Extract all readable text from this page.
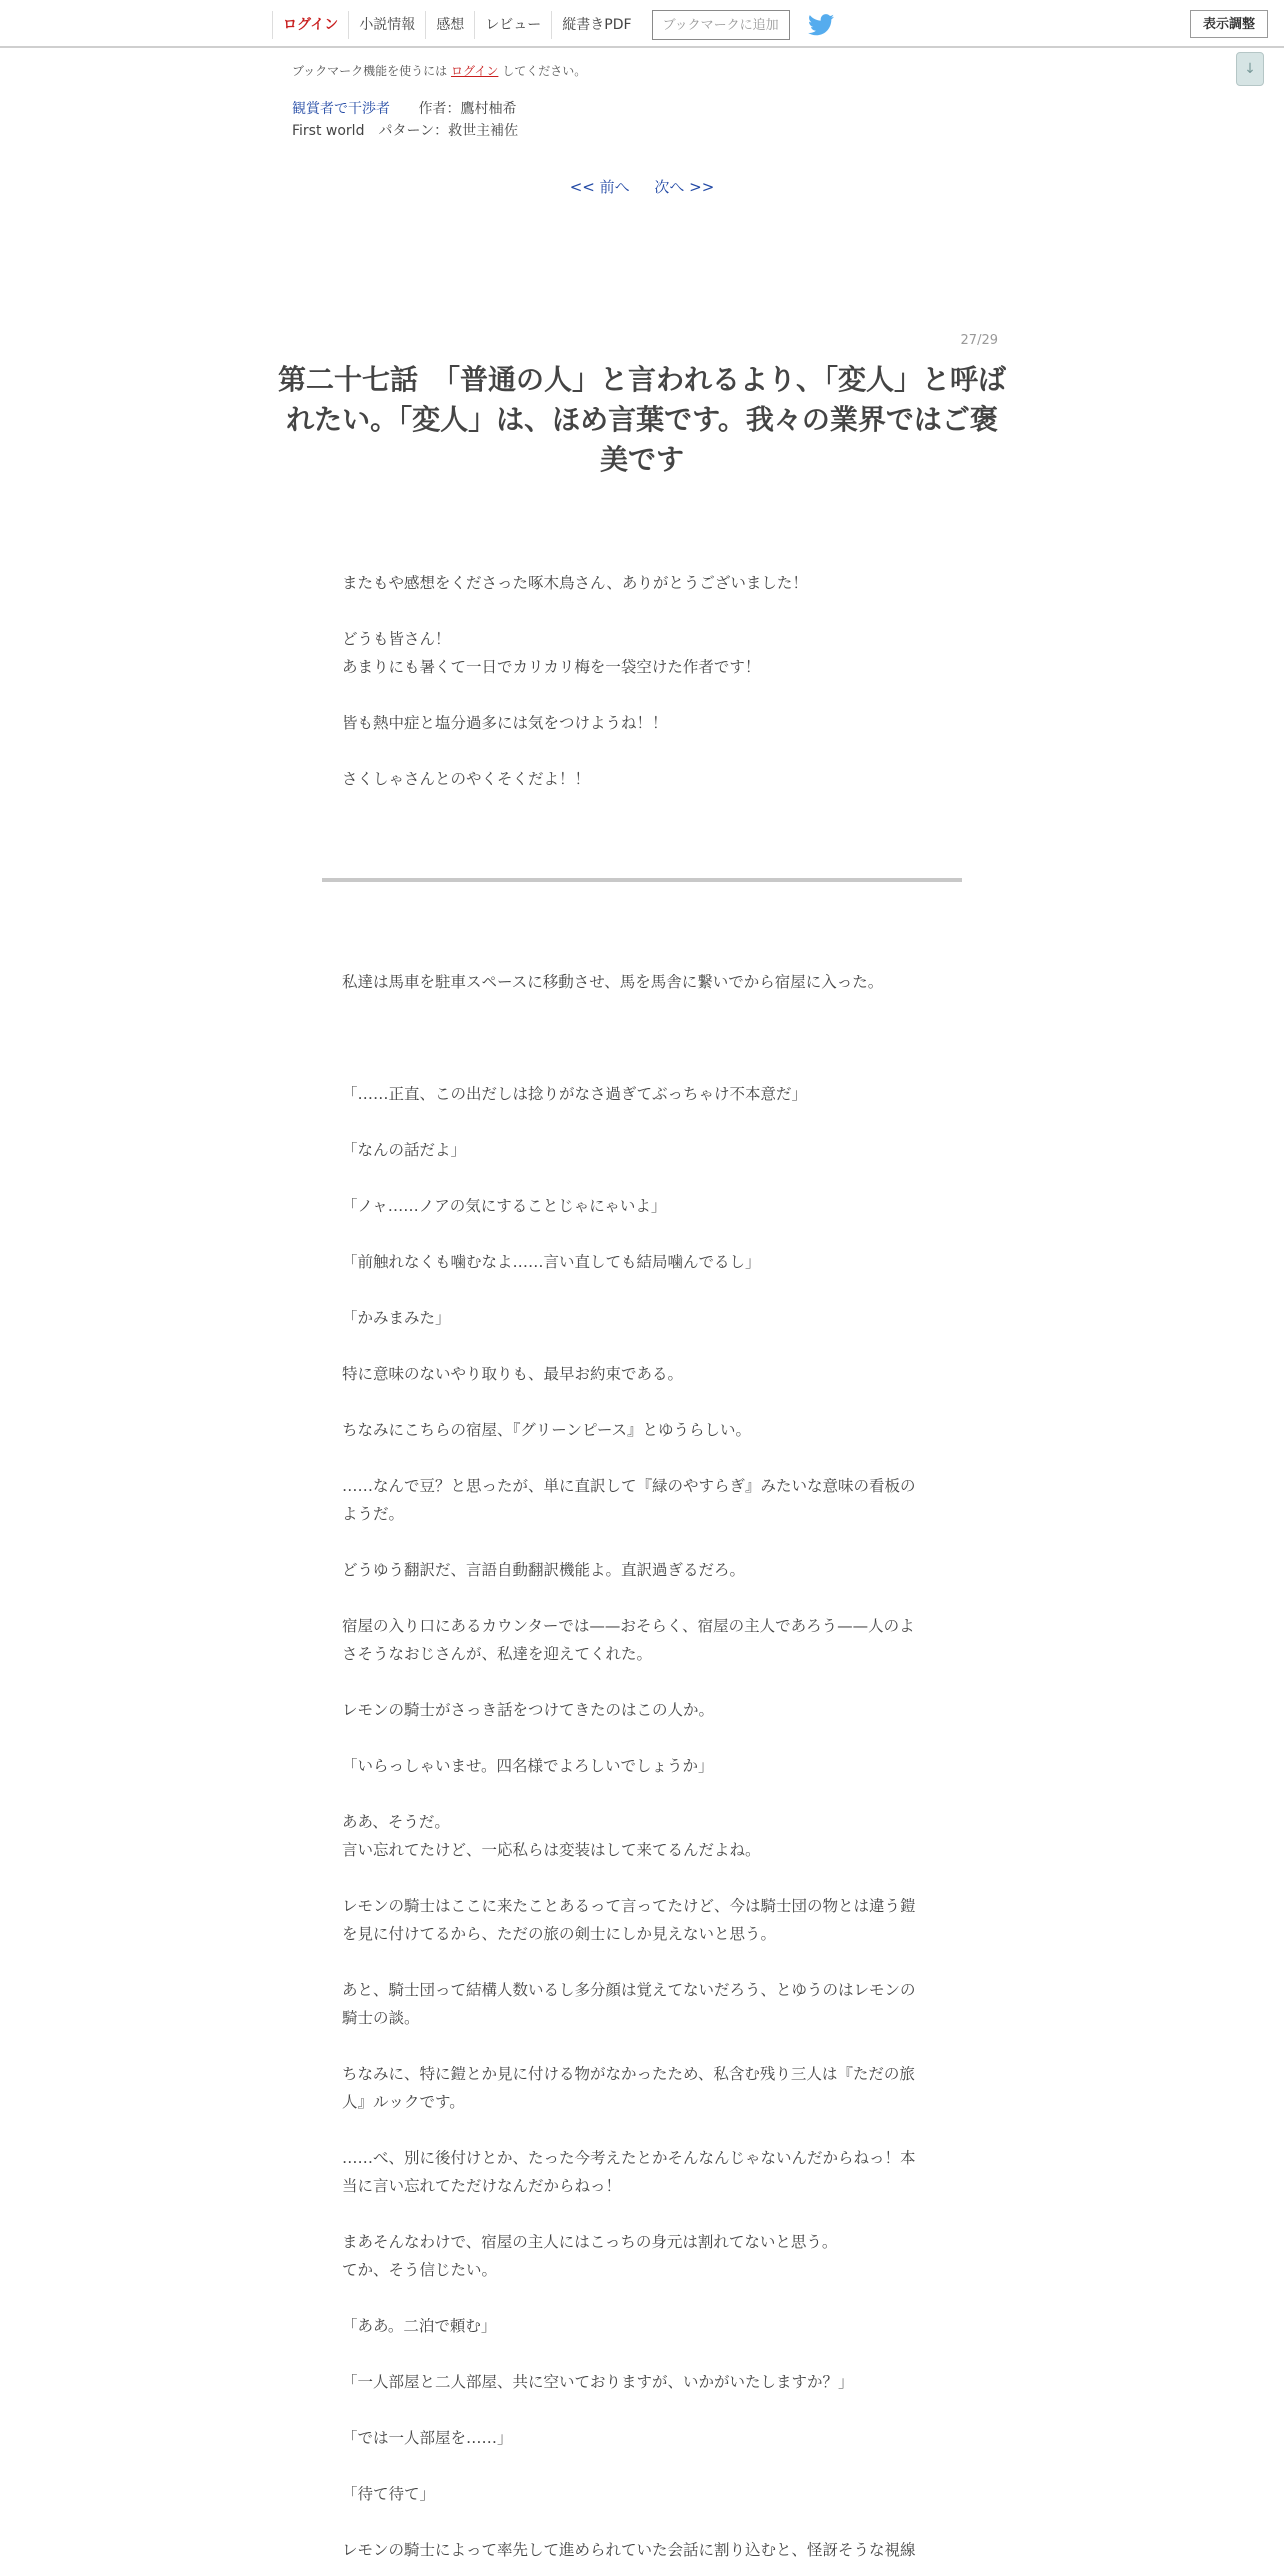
ログイン	小説情報	感想	レビュー	縦書きPDF	ブックマークに追加	表示調整
↓
ブックマーク機能を使うには ログイン してください。
観賞者で干渉者 作者：鷹村柚希
First world　パターン：救世主補佐
<< 前へ 次へ >>
27/29
第二十七話　「普通の人」と言われるより、「変人」と呼ばれたい。「変人」は、ほめ言葉です。我々の業界ではご褒美です

またもや感想をくださった啄木鳥さん、ありがとうございました！

どうも皆さん！

あまりにも暑くて一日でカリカリ梅を一袋空けた作者です！

皆も熱中症と塩分過多には気をつけようね！！

さくしゃさんとのやくそくだよ！！

私達は馬車を駐車スペースに移動させ、馬を馬舎に繋いでから宿屋に入った。

「……正直、この出だしは捻りがなさ過ぎてぶっちゃけ不本意だ」

「なんの話だよ」

「ノャ……ノアの気にすることじゃにゃいよ」

「前触れなくも噛むなよ……言い直しても結局噛んでるし」

「かみまみた」

特に意味のないやり取りも、最早お約束である。

ちなみにこちらの宿屋、『グリーンピース』とゆうらしい。

……なんで豆？と思ったが、単に直訳して『緑のやすらぎ』みたいな意味の看板の

ようだ。

どうゆう翻訳だ、言語自動翻訳機能よ。直訳過ぎるだろ。

宿屋の入り口にあるカウンターでは——おそらく、宿屋の主人であろう——人のよ

さそうなおじさんが、私達を迎えてくれた。

レモンの騎士がさっき話をつけてきたのはこの人か。

「いらっしゃいませ。四名様でよろしいでしょうか」

ああ、そうだ。

言い忘れてたけど、一応私らは変装はして来てるんだよね。

レモンの騎士はここに来たことあるって言ってたけど、今は騎士団の物とは違う鎧

を見に付けてるから、ただの旅の剣士にしか見えないと思う。

あと、騎士団って結構人数いるし多分顔は覚えてないだろう、とゆうのはレモンの

騎士の談。

ちなみに、特に鎧とか見に付ける物がなかったため、私含む残り三人は『ただの旅

人』ルックです。

……べ、別に後付けとか、たった今考えたとかそんなんじゃないんだからねっ！本

当に言い忘れてただけなんだからねっ！

まあそんなわけで、宿屋の主人にはこっちの身元は割れてないと思う。

てか、そう信じたい。

「ああ。二泊で頼む」

「一人部屋と二人部屋、共に空いておりますが、いかがいたしますか？」

「では一人部屋を……」

「待て待て」

レモンの騎士によって率先して進められていた会話に割り込むと、怪訝そうな視線
